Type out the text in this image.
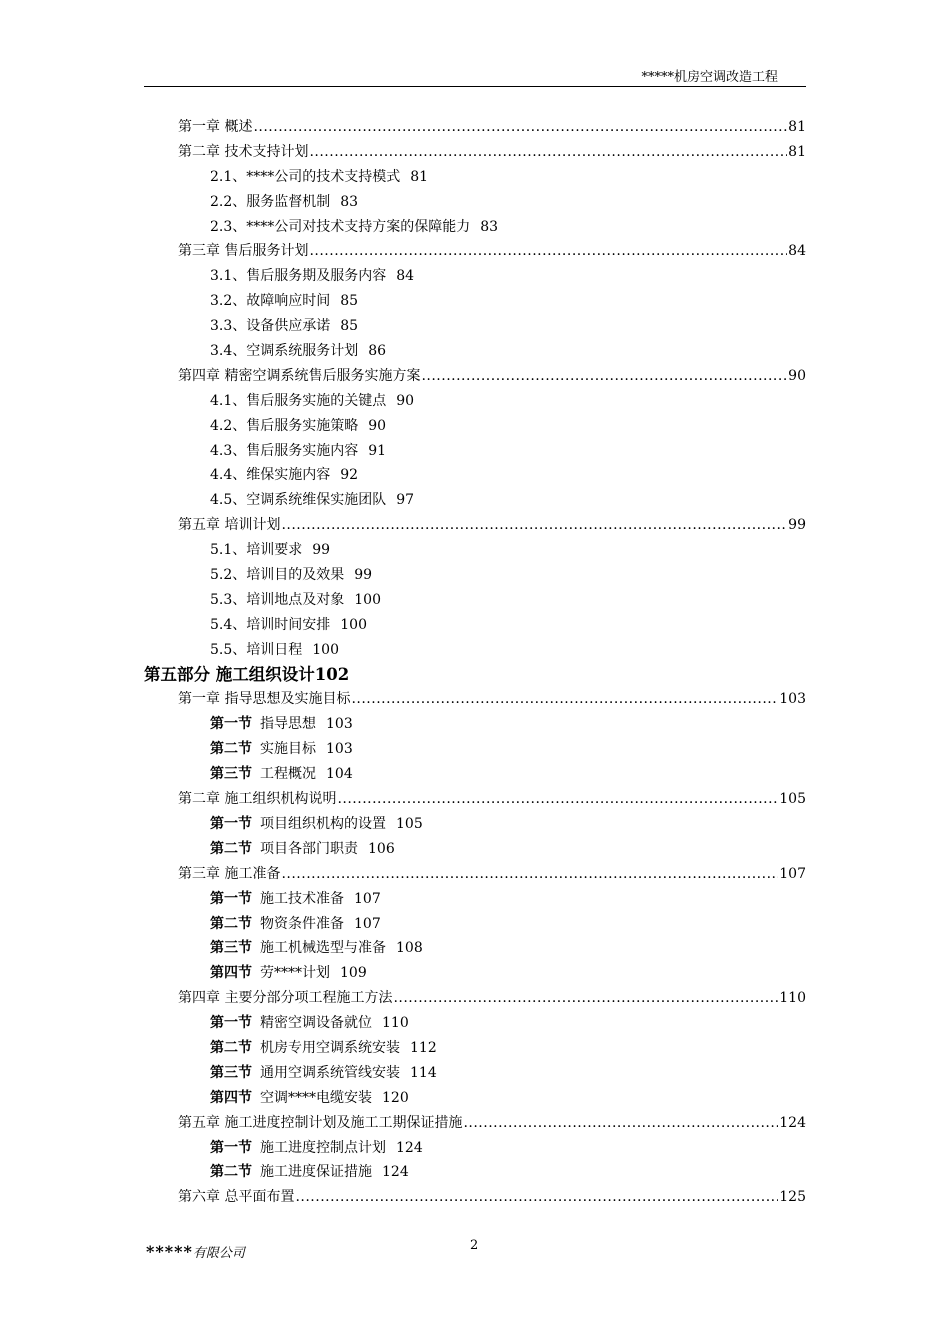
*****机房空调改造工程
第一章 概述 .....	81
第二章 技术支持计划 .....	81
2.1、****公司的技术支持模式 81
2.2、服务监督机制 83
2.3、****公司对技术支持方案的保障能力 83
第三章 售后服务计划 .....	84
3.1、售后服务期及服务内容 84
3.2、故障响应时间 85
3.3、设备供应承诺 85
3.4、空调系统服务计划 86
第四章 精密空调系统售后服务实施方案 .....	90
4.1、售后服务实施的关键点 90
4.2、售后服务实施策略 90
4.3、售后服务实施内容 91
4.4、维保实施内容 92
4.5、空调系统维保实施团队 97
第五章 培训计划 .....	99
5.1、培训要求 99
5.2、培训目的及效果 99
5.3、培训地点及对象 100
5.4、培训时间安排 100
5.5、培训日程 100
第五部分 施工组织设计102
第一章 指导思想及实施目标 .....	103
第一节 指导思想 103
第二节 实施目标 103
第三节 工程概况 104
第二章 施工组织机构说明 .....	105
第一节 项目组织机构的设置 105
第二节 项目各部门职责 106
第三章 施工准备 .....	107
第一节 施工技术准备 107
第二节 物资条件准备 107
第三节 施工机械选型与准备 108
第四节 劳****计划 109
第四章 主要分部分项工程施工方法 .....	110
第一节 精密空调设备就位 110
第二节 机房专用空调系统安装 112
第三节 通用空调系统管线安装 114
第四节 空调****电缆安装 120
第五章 施工进度控制计划及施工工期保证措施 .....	124
第一节 施工进度控制点计划 124
第二节 施工进度保证措施 124
第六章 总平面布置 .....	125
2
*****有限公司
